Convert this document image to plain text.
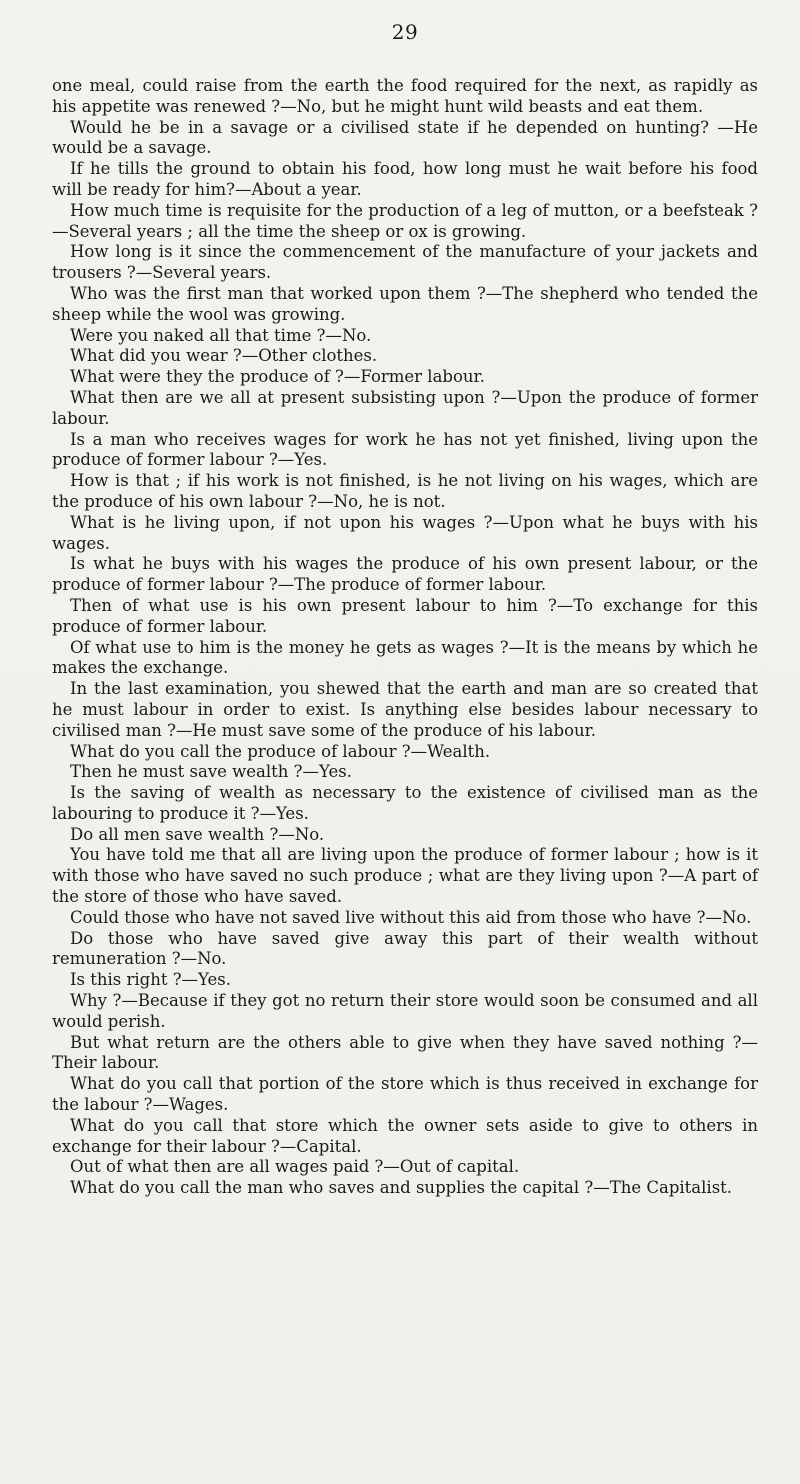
29

one meal, could raise from the earth the food required for the next, as rapidly as his appetite was renewed ?—No, but he might hunt wild beasts and eat them.

Would he be in a savage or a civilised state if he depended on hunting? —He would be a savage.

If he tills the ground to obtain his food, how long must he wait before his food will be ready for him?—About a year.

How much time is requisite for the production of a leg of mutton, or a beefsteak ?—Several years ; all the time the sheep or ox is growing.

How long is it since the commencement of the manufacture of your jackets and trousers ?—Several years.

Who was the first man that worked upon them ?—The shepherd who tended the sheep while the wool was growing.

Were you naked all that time ?—No.

What did you wear ?—Other clothes.

What were they the produce of ?—Former labour.

What then are we all at present subsisting upon ?—Upon the produce of former labour.

Is a man who receives wages for work he has not yet finished, living upon the produce of former labour ?—Yes.

How is that ; if his work is not finished, is he not living on his wages, which are the produce of his own labour ?—No, he is not.

What is he living upon, if not upon his wages ?—Upon what he buys with his wages.

Is what he buys with his wages the produce of his own present labour, or the produce of former labour ?—The produce of former labour.

Then of what use is his own present labour to him ?—To exchange for this produce of former labour.

Of what use to him is the money he gets as wages ?—It is the means by which he makes the exchange.

In the last examination, you shewed that the earth and man are so created that he must labour in order to exist. Is anything else besides labour necessary to civilised man ?—He must save some of the produce of his labour.

What do you call the produce of labour ?—Wealth.

Then he must save wealth ?—Yes.

Is the saving of wealth as necessary to the existence of civilised man as the labouring to produce it ?—Yes.

Do all men save wealth ?—No.

You have told me that all are living upon the produce of former labour ; how is it with those who have saved no such produce ; what are they living upon ?—A part of the store of those who have saved.

Could those who have not saved live without this aid from those who have ?—No.

Do those who have saved give away this part of their wealth without remuneration ?—No.

Is this right ?—Yes.

Why ?—Because if they got no return their store would soon be consumed and all would perish.

But what return are the others able to give when they have saved nothing ?—Their labour.

What do you call that portion of the store which is thus received in exchange for the labour ?—Wages.

What do you call that store which the owner sets aside to give to others in exchange for their labour ?—Capital.

Out of what then are all wages paid ?—Out of capital.

What do you call the man who saves and supplies the capital ?—The Capitalist.
